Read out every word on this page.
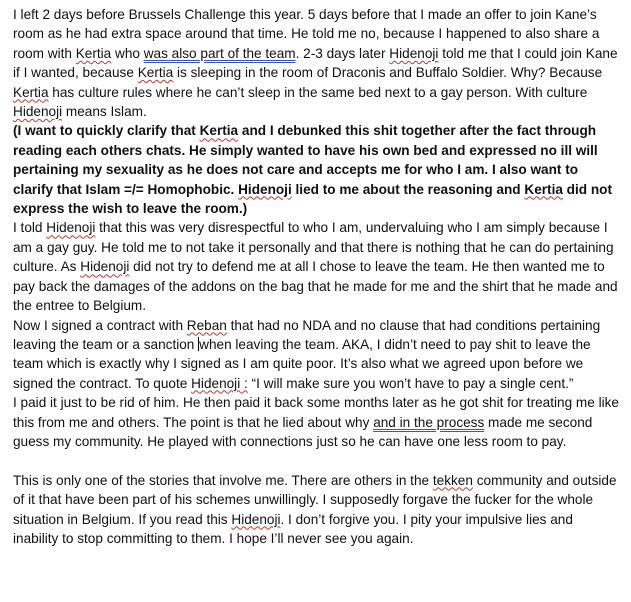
I left 2 days before Brussels Challenge this year. 5 days before that I made an offer to join Kane’s room as he had extra space around that time. He told me no, because I happened to also share a room with Kertia who was also part of the team. 2-3 days later Hidenoji told me that I could join Kane if I wanted, because Kertia is sleeping in the room of Draconis and Buffalo Soldier. Why? Because Kertia has culture rules where he can’t sleep in the same bed next to a gay person. With culture Hidenoji means Islam.

(I want to quickly clarify that Kertia and I debunked this shit together after the fact through reading each others chats. He simply wanted to have his own bed and expressed no ill will pertaining my sexuality as he does not care and accepts me for who I am. I also want to clarify that Islam =/= Homophobic. Hidenoji lied to me about the reasoning and Kertia did not express the wish to leave the room.)

I told Hidenoji that this was very disrespectful to who I am, undervaluing who I am simply because I am a gay guy. He told me to not take it personally and that there is nothing that he can do pertaining culture. As Hidenoji did not try to defend me at all I chose to leave the team. He then wanted me to pay back the damages of the addons on the bag that he made for me and the shirt that he made and the entree to Belgium.

Now I signed a contract with Reban that had no NDA and no clause that had conditions pertaining leaving the team or a sanction when leaving the team. AKA, I didn’t need to pay shit to leave the team which is exactly why I signed as I am quite poor. It’s also what we agreed upon before we signed the contract. To quote Hidenoji : “I will make sure you won’t have to pay a single cent.”

I paid it just to be rid of him. He then paid it back some months later as he got shit for treating me like this from me and others. The point is that he lied about why and in the process made me second guess my community. He played with connections just so he can have one less room to pay.

This is only one of the stories that involve me. There are others in the tekken community and outside of it that have been part of his schemes unwillingly. I supposedly forgave the fucker for the whole situation in Belgium. If you read this Hidenoji. I don’t forgive you. I pity your impulsive lies and inability to stop committing to them. I hope I’ll never see you again.
